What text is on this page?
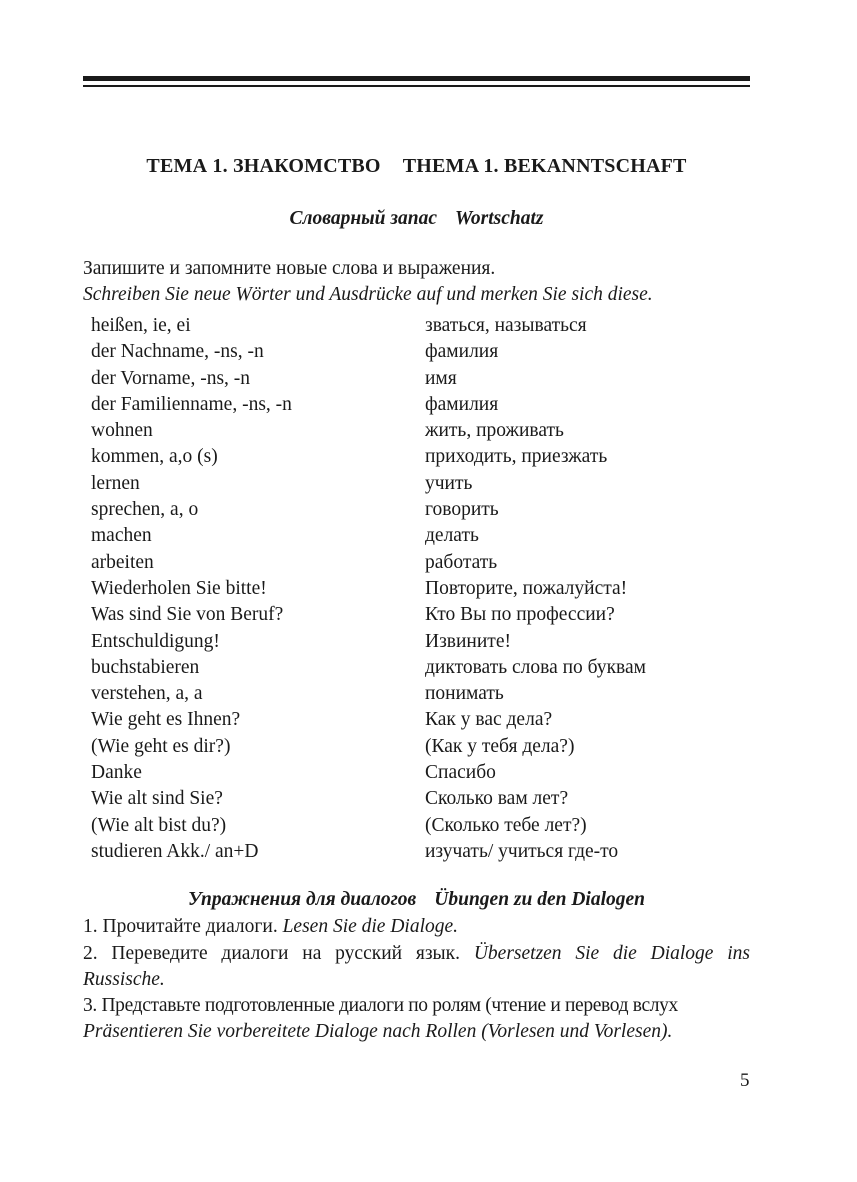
ТЕМА 1. ЗНАКОМСТВО THEMA 1. BEKANNTSCHAFT
Словарный запас Wortschatz
Запишите и запомните новые слова и выражения.
Schreiben Sie neue Wörter und Ausdrücke auf und merken Sie sich diese.
heißen, ie, ei	зваться, называться
der Nachname, -ns, -n	фамилия
der Vorname, -ns, -n	имя
der Familienname, -ns, -n	фамилия
wohnen	жить, проживать
kommen, a,o (s)	приходить, приезжать
lernen	учить
sprechen, a, o	говорить
machen	делать
arbeiten	работать
Wiederholen Sie bitte!	Повторите, пожалуйста!
Was sind Sie von Beruf?	Кто Вы по профессии?
Entschuldigung!	Извините!
buchstabieren	диктовать слова по буквам
verstehen, a, a	понимать
Wie geht es Ihnen?	Как у вас дела?
(Wie geht es dir?)	(Как у тебя дела?)
Danke	Спасибо
Wie alt sind Sie?	Сколько вам лет?
(Wie alt bist du?)	(Сколько тебе лет?)
studieren Akk./ an+D	изучать/ учиться где-то
Упражнения для диалогов Übungen zu den Dialogen
1. Прочитайте диалоги. Lesen Sie die Dialoge.
2. Переведите диалоги на русский язык. Übersetzen Sie die Dialoge ins
Russische.
3. Представьте подготовленные диалоги по ролям (чтение и перевод вслух
Präsentieren Sie vorbereitete Dialoge nach Rollen (Vorlesen und Vorlesen).
5
